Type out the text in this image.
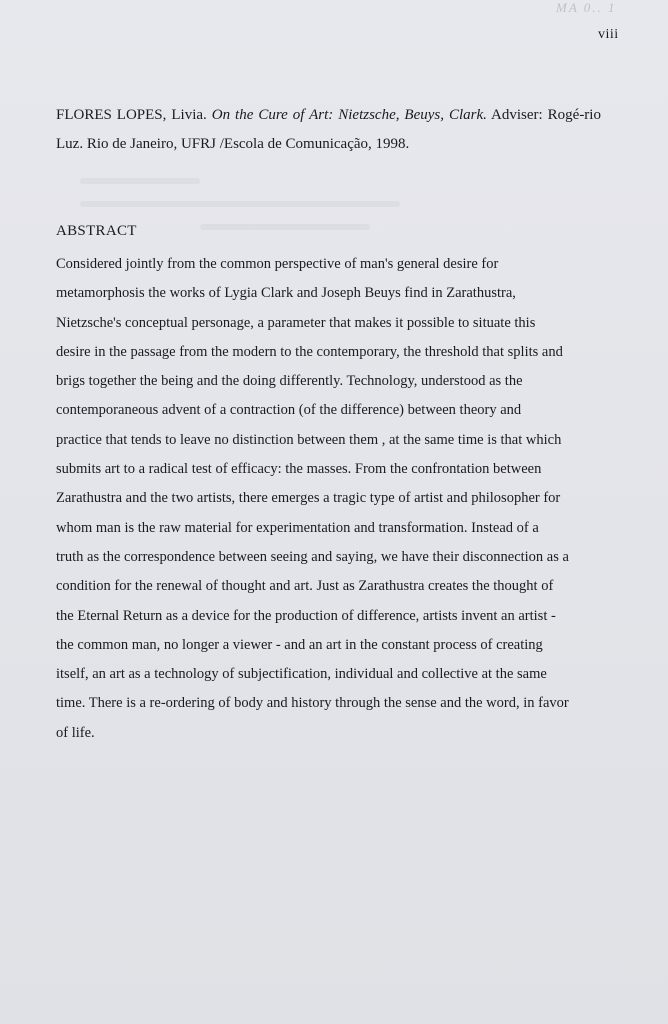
MA 0.. 1
viii

FLORES LOPES, Livia. On the Cure of Art: Nietzsche, Beuys, Clark. Adviser: Rogé-rio Luz. Rio de Janeiro, UFRJ /Escola de Comunicação, 1998.

ABSTRACT
Considered jointly from the common perspective of man's general desire for
metamorphosis the works of Lygia Clark and Joseph Beuys find in Zarathustra,
Nietzsche's conceptual personage, a parameter that makes it possible to situate this
desire in the passage from the modern to the contemporary, the threshold that splits and
brigs together the being and the doing differently. Technology, understood as the
contemporaneous advent of a contraction (of the difference) between theory and
practice that tends to leave no distinction between them , at the same time is that which
submits art to a radical test of efficacy: the masses. From the confrontation between
Zarathustra and the two artists, there emerges a tragic type of artist and philosopher for
whom man is the raw material for experimentation and transformation. Instead of a
truth as the correspondence between seeing and saying, we have their disconnection as a
condition for the renewal of thought and art. Just as Zarathustra creates the thought of
the Eternal Return as a device for the production of difference, artists invent an artist -
the common man, no longer a viewer - and an art in the constant process of creating
itself, an art as a technology of subjectification, individual and collective at the same
time. There is a re-ordering of body and history through the sense and the word, in favor
of life.
